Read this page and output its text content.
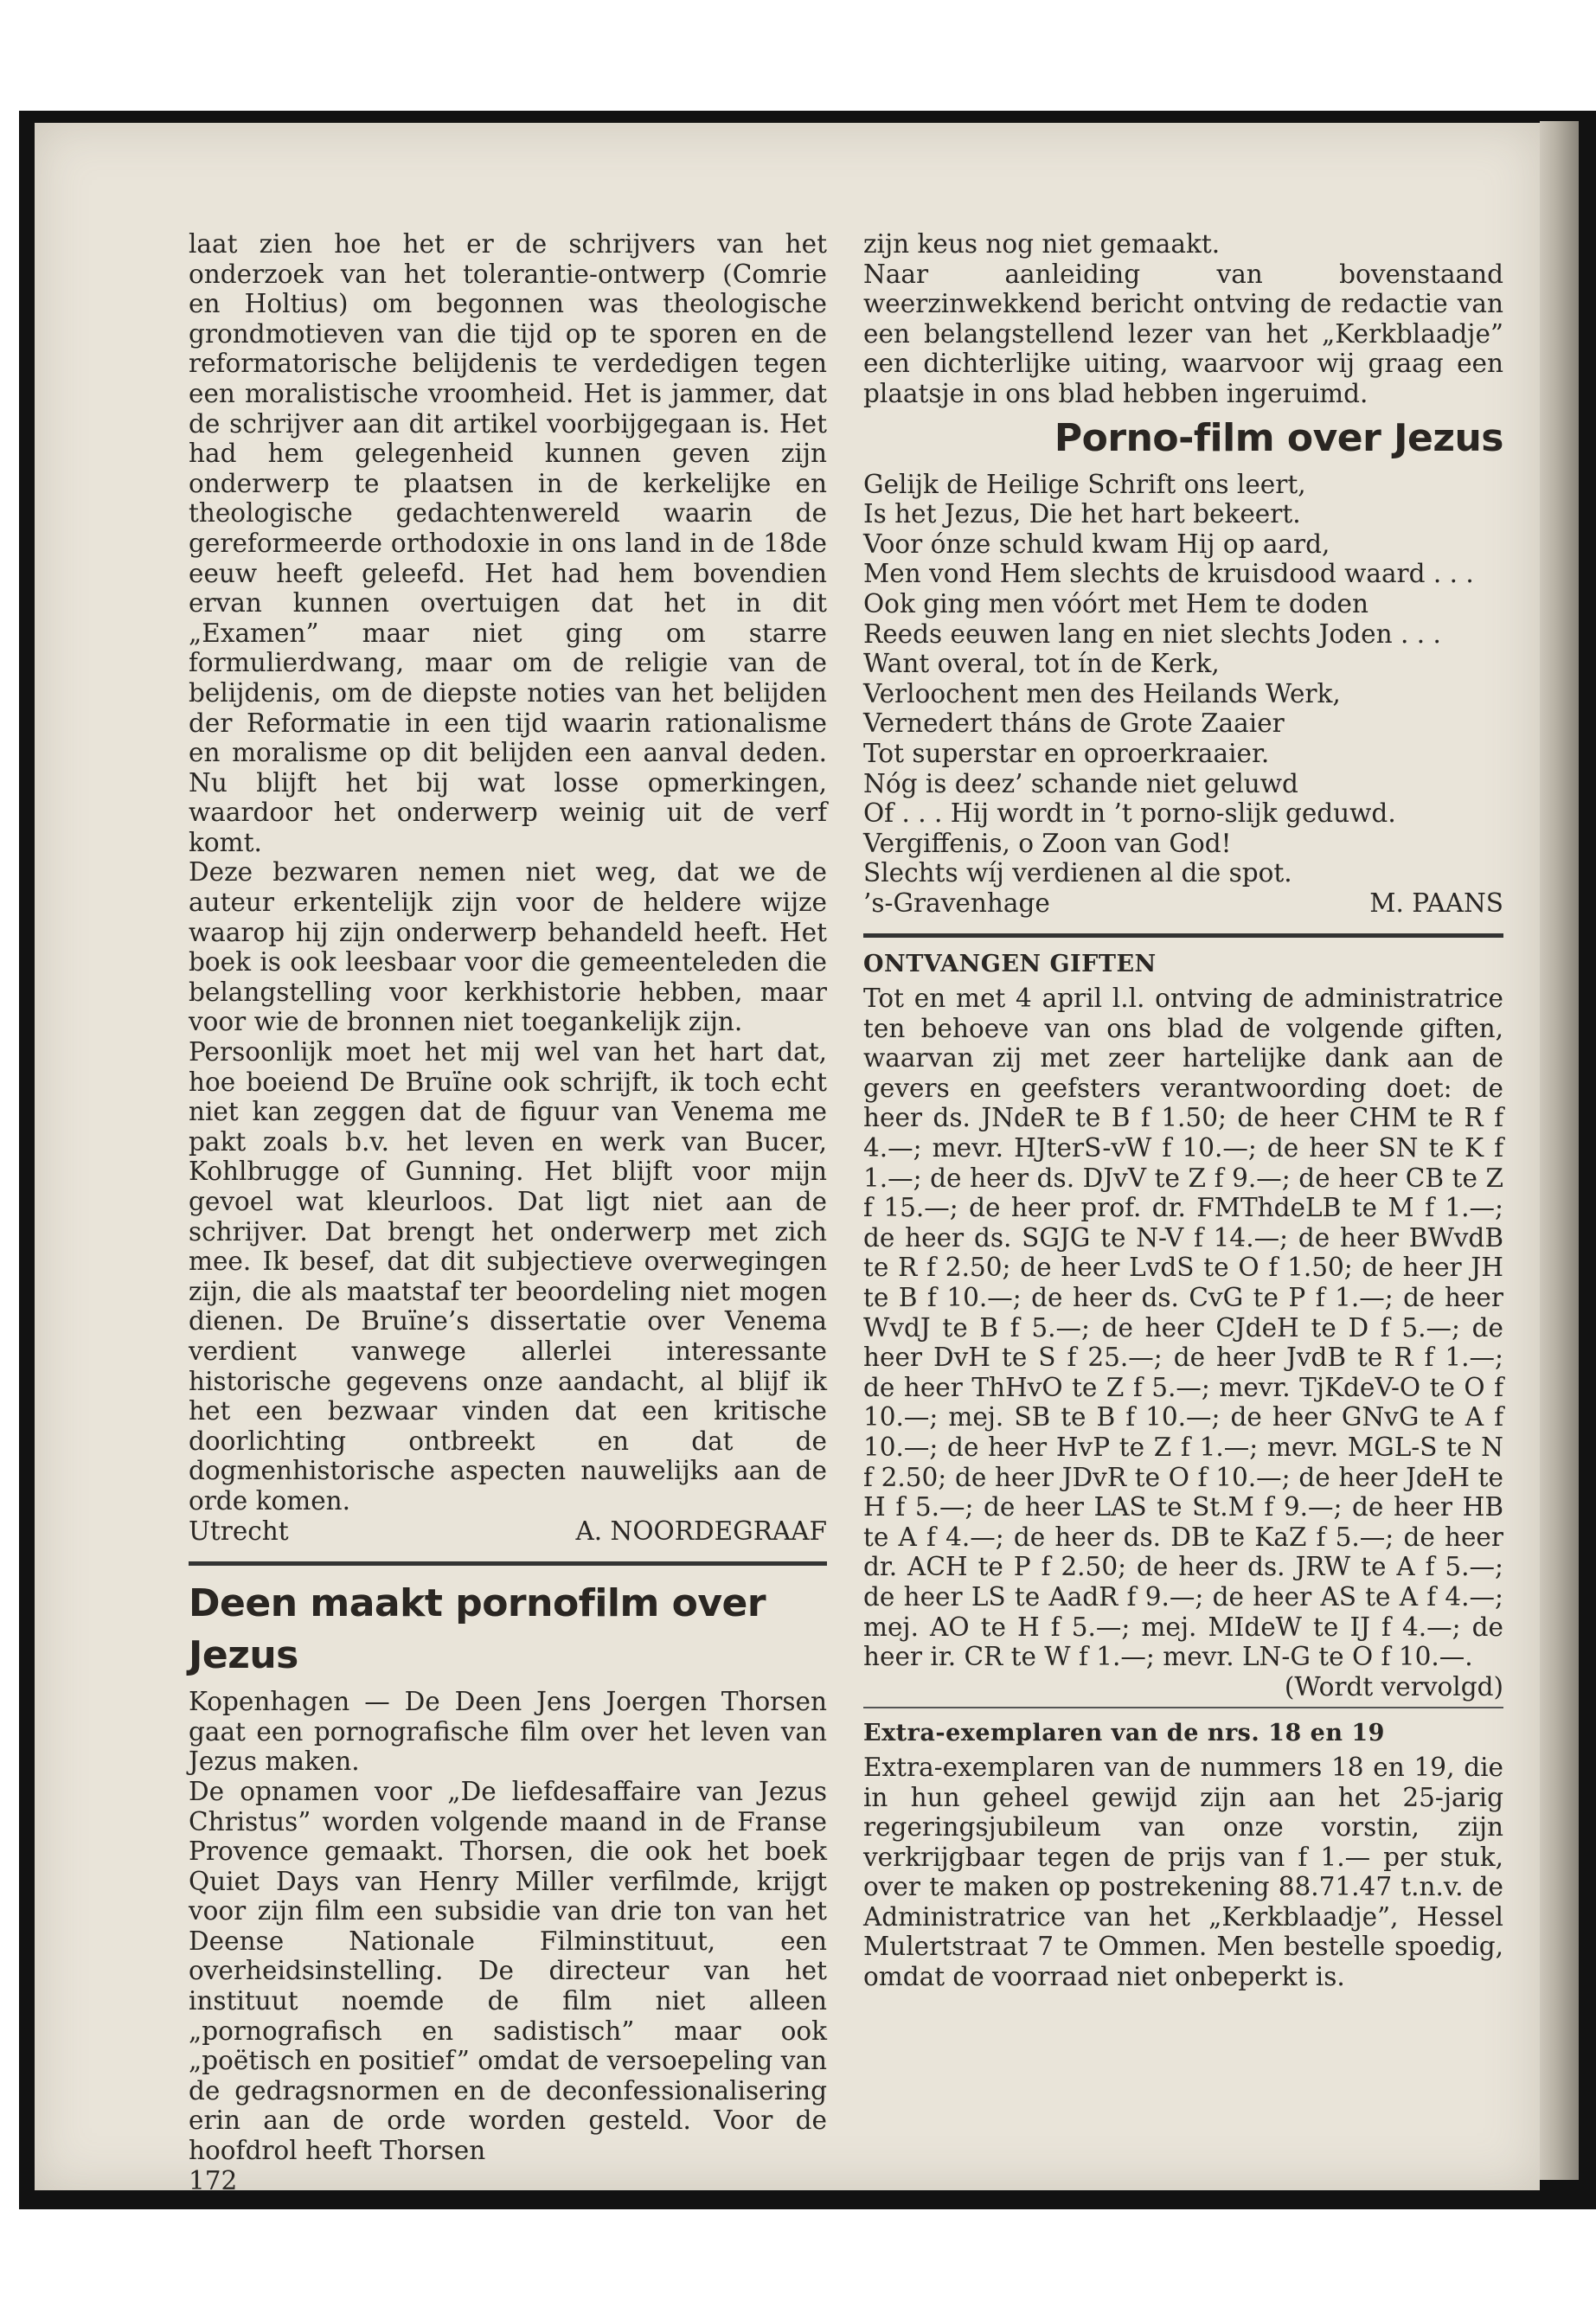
laat zien hoe het er de schrijvers van het onderzoek van het tolerantie-ontwerp (Comrie en Holtius) om begonnen was theologische grondmotieven van die tijd op te sporen en de reformatorische belijdenis te verdedigen tegen een moralistische vroomheid. Het is jammer, dat de schrijver aan dit artikel voorbijgegaan is. Het had hem gelegenheid kunnen geven zijn onderwerp te plaatsen in de kerkelijke en theologische gedachtenwereld waarin de gereformeerde orthodoxie in ons land in de 18de eeuw heeft geleefd. Het had hem bovendien ervan kunnen overtuigen dat het in dit „Examen” maar niet ging om starre formulierdwang, maar om de religie van de belijdenis, om de diepste noties van het belijden der Reformatie in een tijd waarin rationalisme en moralisme op dit belijden een aanval deden. Nu blijft het bij wat losse opmerkingen, waardoor het onderwerp weinig uit de verf komt.

Deze bezwaren nemen niet weg, dat we de auteur erkentelijk zijn voor de heldere wijze waarop hij zijn onderwerp behandeld heeft. Het boek is ook leesbaar voor die gemeenteleden die belangstelling voor kerkhistorie hebben, maar voor wie de bronnen niet toegankelijk zijn.

Persoonlijk moet het mij wel van het hart dat, hoe boeiend De Bruïne ook schrijft, ik toch echt niet kan zeggen dat de figuur van Venema me pakt zoals b.v. het leven en werk van Bucer, Kohlbrugge of Gunning. Het blijft voor mijn gevoel wat kleurloos. Dat ligt niet aan de schrijver. Dat brengt het onderwerp met zich mee. Ik besef, dat dit subjectieve overwegingen zijn, die als maatstaf ter beoordeling niet mogen dienen. De Bruïne’s dissertatie over Venema verdient vanwege allerlei interessante historische gegevens onze aandacht, al blijf ik het een bezwaar vinden dat een kritische doorlichting ontbreekt en dat de dogmenhistorische aspecten nauwelijks aan de orde komen.

Utrecht	A. NOORDEGRAAF
Deen maakt pornofilm over Jezus

Kopenhagen — De Deen Jens Joergen Thorsen gaat een pornografische film over het leven van Jezus maken.

De opnamen voor „De liefdesaffaire van Jezus Christus” worden volgende maand in de Franse Provence gemaakt. Thorsen, die ook het boek Quiet Days van Henry Miller verfilmde, krijgt voor zijn film een subsidie van drie ton van het Deense Nationale Filminstituut, een overheidsinstelling. De directeur van het instituut noemde de film niet alleen „pornografisch en sadistisch” maar ook „poëtisch en positief” omdat de versoepeling van de gedragsnormen en de deconfessionalisering erin aan de orde worden gesteld. Voor de hoofdrol heeft Thorsen

172

zijn keus nog niet gemaakt.

Naar aanleiding van bovenstaand weerzinwekkend bericht ontving de redactie van een belangstellend lezer van het „Kerkblaadje” een dichterlijke uiting, waarvoor wij graag een plaatsje in ons blad hebben ingeruimd.

Porno-film over Jezus

Gelijk de Heilige Schrift ons leert,

Is het Jezus, Die het hart bekeert.

Voor ónze schuld kwam Hij op aard,

Men vond Hem slechts de kruisdood waard . . .

Ook ging men vóórt met Hem te doden

Reeds eeuwen lang en niet slechts Joden . . .

Want overal, tot ín de Kerk,

Verloochent men des Heilands Werk,

Vernedert tháns de Grote Zaaier

Tot superstar en oproerkraaier.

Nóg is deez’ schande niet geluwd

Of . . . Hij wordt in ’t porno-slijk geduwd.

Vergiffenis, o Zoon van God!

Slechts wíj verdienen al die spot.

’s-Gravenhage	M. PAANS
ONTVANGEN GIFTEN

Tot en met 4 april l.l. ontving de administratrice ten behoeve van ons blad de volgende giften, waarvan zij met zeer hartelijke dank aan de gevers en geefsters verantwoording doet: de heer ds. JNdeR te B f 1.50; de heer CHM te R f 4.—; mevr. HJterS-vW f 10.—; de heer SN te K f 1.—; de heer ds. DJvV te Z f 9.—; de heer CB te Z f 15.—; de heer prof. dr. FMThdeLB te M f 1.—; de heer ds. SGJG te N-V f 14.—; de heer BWvdB te R f 2.50; de heer LvdS te O f 1.50; de heer JH te B f 10.—; de heer ds. CvG te P f 1.—; de heer WvdJ te B f 5.—; de heer CJdeH te D f 5.—; de heer DvH te S f 25.—; de heer JvdB te R f 1.—; de heer ThHvO te Z f 5.—; mevr. TjKdeV-O te O f 10.—; mej. SB te B f 10.—; de heer GNvG te A f 10.—; de heer HvP te Z f 1.—; mevr. MGL-S te N f 2.50; de heer JDvR te O f 10.—; de heer JdeH te H f 5.—; de heer LAS te St.M f 9.—; de heer HB te A f 4.—; de heer ds. DB te KaZ f 5.—; de heer dr. ACH te P f 2.50; de heer ds. JRW te A f 5.—; de heer LS te AadR f 9.—; de heer AS te A f 4.—; mej. AO te H f 5.—; mej. MIdeW te IJ f 4.—; de heer ir. CR te W f 1.—; mevr. LN-G te O f 10.—.

(Wordt vervolgd)
Extra-exemplaren van de nrs. 18 en 19

Extra-exemplaren van de nummers 18 en 19, die in hun geheel gewijd zijn aan het 25-jarig regeringsjubileum van onze vorstin, zijn verkrijgbaar tegen de prijs van f 1.— per stuk, over te maken op postrekening 88.71.47 t.n.v. de Administratrice van het „Kerkblaadje”, Hessel Mulertstraat 7 te Ommen. Men bestelle spoedig, omdat de voorraad niet onbeperkt is.
